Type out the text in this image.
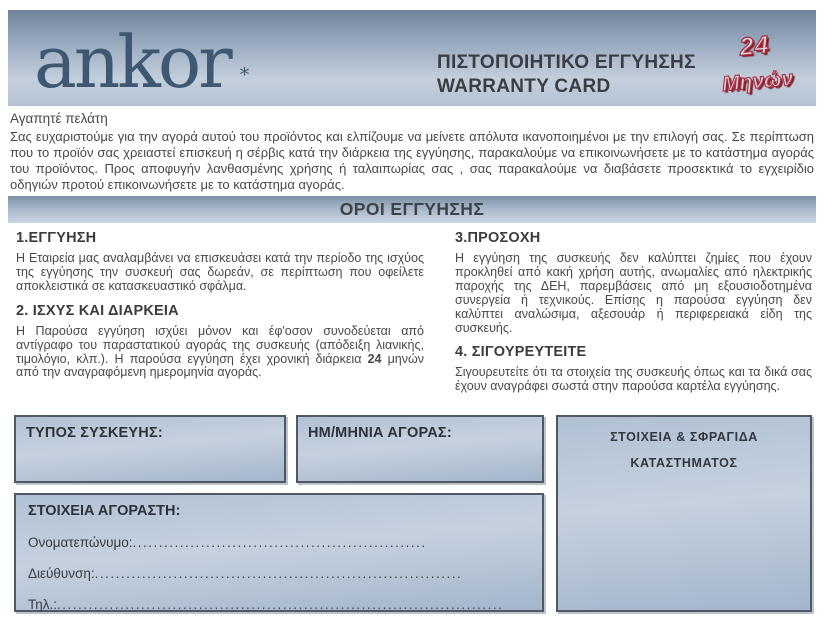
ankor *
ΠΙΣΤΟΠΟΙΗΤΙΚΟ ΕΓΓΥΗΣΗΣ
WARRANTY CARD
24
Μηνών
Αγαπητέ πελάτη
Σας ευχαριστούμε για την αγορά αυτού του προϊόντος και ελπίζουμε να μείνετε απόλυτα ικανοποιημένοι με την επιλογή σας. Σε περίπτωση που το προϊόν σας χρειαστεί επισκευή η σέρβις κατά την διάρκεια της εγγύησης, παρακαλούμε να επικοινωνήσετε με το κατάστημα αγοράς του προϊόντος. Προς αποφυγήν λανθασμένης χρήσης ή ταλαιπωρίας σας , σας παρακαλούμε να διαβάσετε προσεκτικά το εγχειρίδιο οδηγιών προτού επικοινωνήσετε με το κατάστημα αγοράς.
ΟΡΟΙ ΕΓΓΥΗΣΗΣ
1.ΕΓΓΥΗΣΗ
Η Εταιρεία μας αναλαμβάνει να επισκευάσει κατά την περίοδο της ισχύος της εγγύησης την συσκευή σας δωρεάν, σε περίπτωση που οφείλετε αποκλειστικά σε κατασκευαστικό σφάλμα.
2. ΙΣΧΥΣ ΚΑΙ ΔΙΑΡΚΕΙΑ
Η Παρούσα εγγύηση ισχύει μόνον και έφ'οσον συνοδεύεται από αντίγραφο του παραστατικού αγοράς της συσκευής (απόδειξη λιανικής, τιμολόγιο, κλπ.). Η παρούσα εγγύηση έχει χρονική διάρκεια 24 μηνών από την αναγραφόμενη ημερομηνία αγοράς.
3.ΠΡΟΣΟΧΗ
Η εγγύηση της συσκευής δεν καλύπτει ζημίες που έχουν προκληθεί από κακή χρήση αυτής, ανωμαλίες από ηλεκτρικής παροχής της ΔΕΗ, παρεμβάσεις από μη εξουσιοδοτημένα συνεργεία ή τεχνικούς. Επίσης η παρούσα εγγύηση δεν καλύπτει αναλώσιμα, αξεσουάρ ή περιφερειακά είδη της συσκευής.
4. ΣΙΓΟΥΡΕΥΤΕΙΤΕ
Σιγουρευτείτε ότι τα στοιχεία της συσκευής όπως και τα δικά σας έχουν αναγράφει σωστά στην παρούσα καρτέλα εγγύησης.
ΤΥΠΟΣ ΣΥΣΚΕΥΗΣ:	ΗΜ/ΜΗΝΙΑ ΑΓΟΡΑΣ:
ΣΤΟΙΧΕΙΑ ΑΓΟΡΑΣΤΗ:
Ονοματεπώνυμο:........................................................
Διεύθυνση:......................................................................
Τηλ.:.....................................................................................
ΣΤΟΙΧΕΙΑ & ΣΦΡΑΓΙΔΑ
ΚΑΤΑΣΤΗΜΑΤΟΣ
